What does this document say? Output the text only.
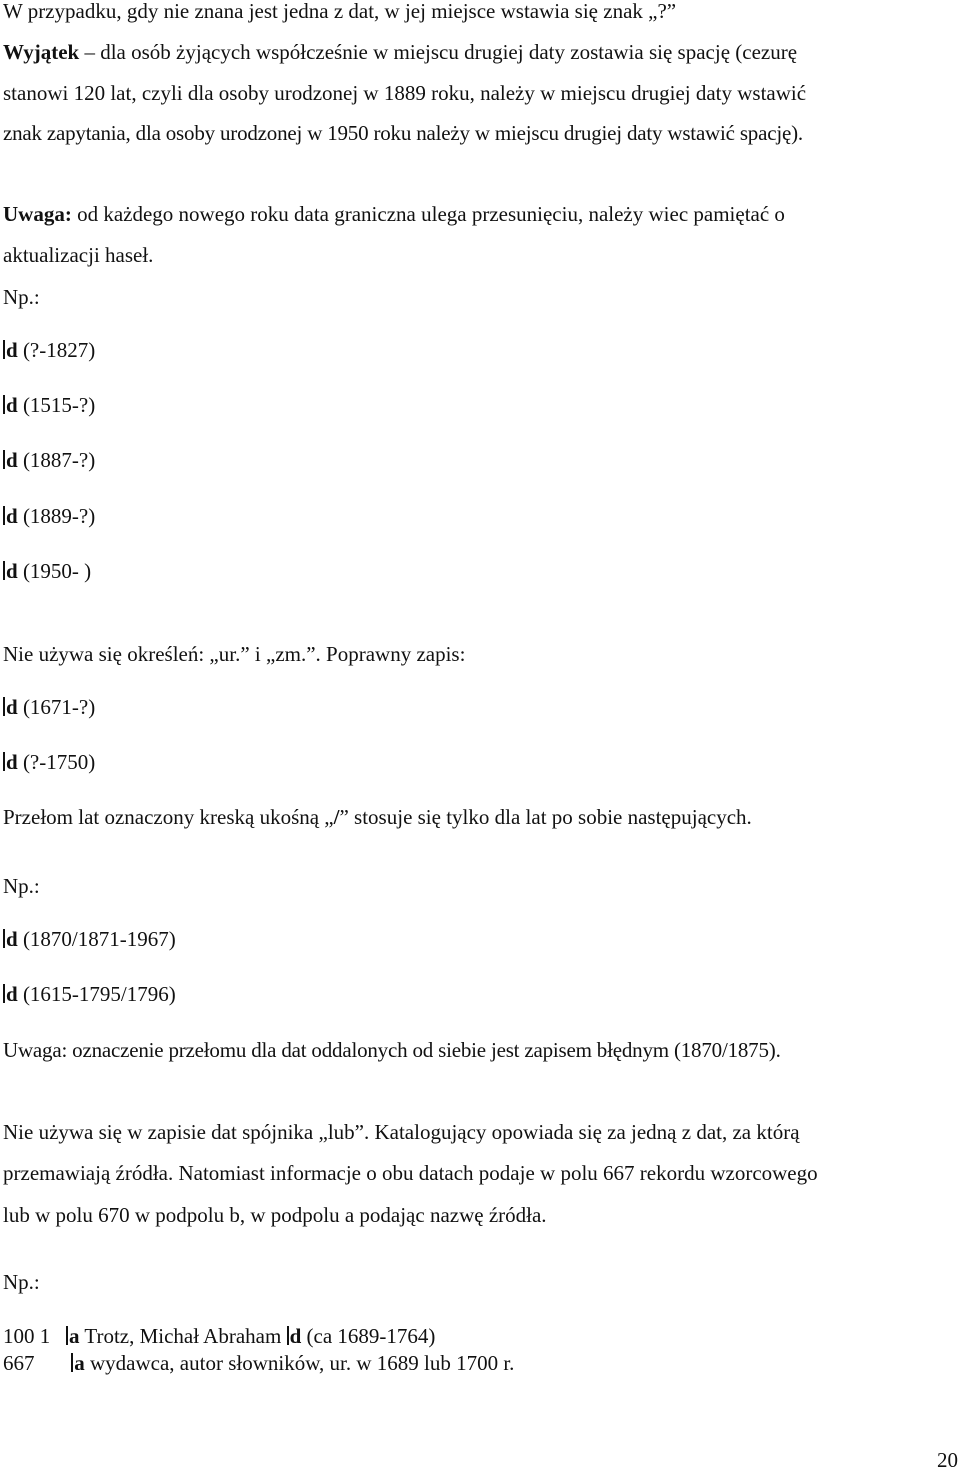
W przypadku, gdy nie znana jest jedna z dat, w jej miejsce wstawia się znak „?”
Wyjątek – dla osób żyjących współcześnie w miejscu drugiej daty zostawia się spację (cezurę
stanowi 120 lat, czyli dla osoby urodzonej w 1889 roku, należy w miejscu drugiej daty wstawić
znak zapytania, dla osoby urodzonej w 1950 roku należy w miejscu drugiej daty wstawić spację).
Uwaga: od każdego nowego roku data graniczna ulega przesunięciu, należy wiec pamiętać o
aktualizacji haseł.
Np.:
d (?-1827)
d (1515-?)
d (1887-?)
d (1889-?)
d (1950- )
Nie używa się określeń: „ur.” i „zm.”. Poprawny zapis:
d (1671-?)
d (?-1750)
Przełom lat oznaczony kreską ukośną „/” stosuje się tylko dla lat po sobie następujących.
Np.:
d (1870/1871-1967)
d (1615-1795/1796)
Uwaga: oznaczenie przełomu dla dat oddalonych od siebie jest zapisem błędnym (1870/1875).
Nie używa się w zapisie dat spójnika „lub”. Katalogujący opowiada się za jedną z dat, za którą
przemawiają źródła. Natomiast informacje o obu datach podaje w polu 667 rekordu wzorcowego
lub w polu 670 w podpolu b, w podpolu a podając nazwę źródła.
Np.:
100 1 a Trotz, Michał Abraham d (ca 1689-1764)
667 a wydawca, autor słowników, ur. w 1689 lub 1700 r.
20
